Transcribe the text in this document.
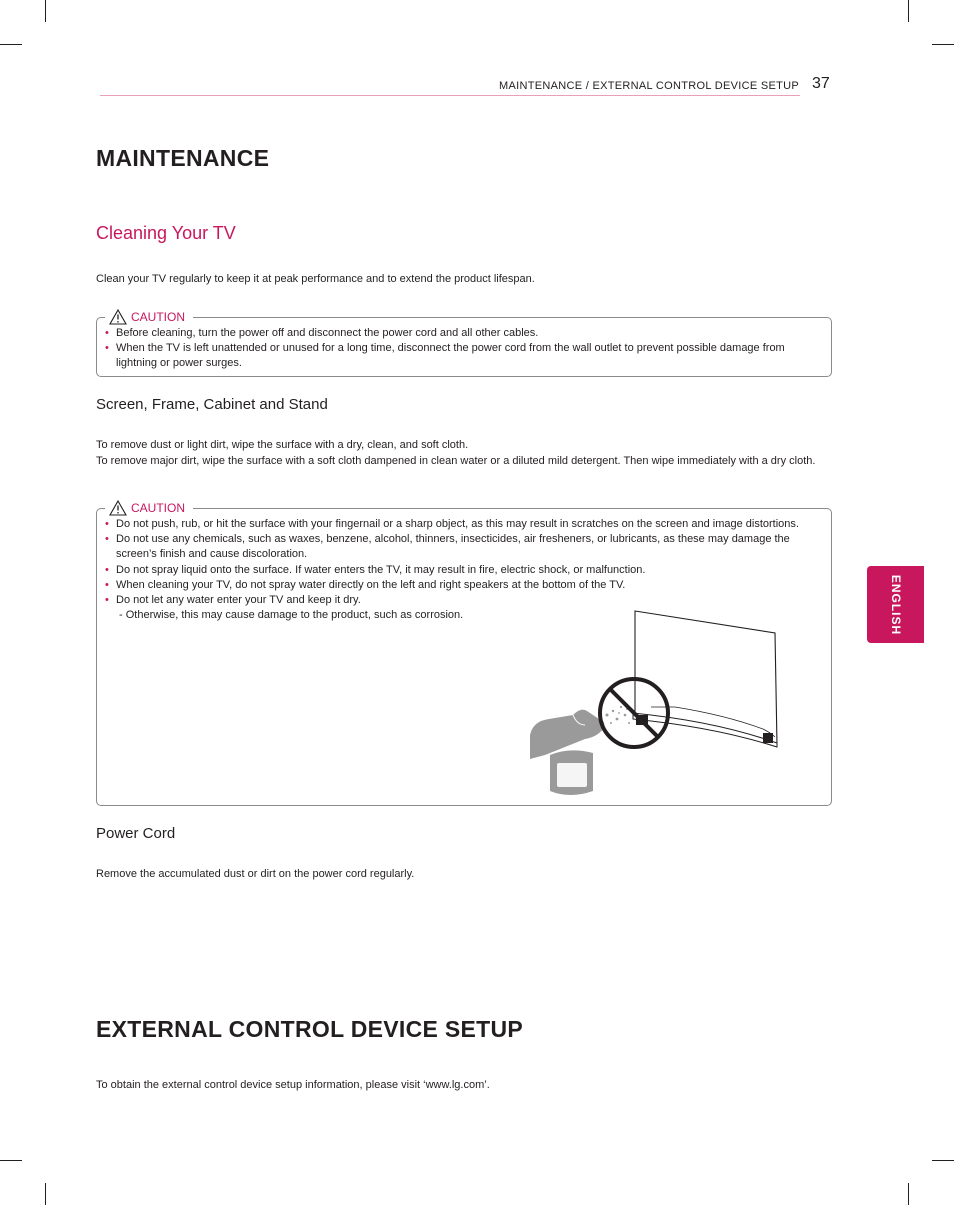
MAINTENANCE / EXTERNAL CONTROL DEVICE SETUP 37
MAINTENANCE
Cleaning Your TV
Clean your TV regularly to keep it at peak performance and to extend the product lifespan.
CAUTION
• Before cleaning, turn the power off and disconnect the power cord and all other cables.
• When the TV is left unattended or unused for a long time, disconnect the power cord from the wall outlet to prevent possible damage from lightning or power surges.
Screen, Frame, Cabinet and Stand
To remove dust or light dirt, wipe the surface with a dry, clean, and soft cloth.
To remove major dirt, wipe the surface with a soft cloth dampened in clean water or a diluted mild detergent. Then wipe immediately with a dry cloth.
CAUTION
• Do not push, rub, or hit the surface with your fingernail or a sharp object, as this may result in scratches on the screen and image distortions.
• Do not use any chemicals, such as waxes, benzene, alcohol, thinners, insecticides, air fresheners, or lubricants, as these may damage the screen’s finish and cause discoloration.
• Do not spray liquid onto the surface. If water enters the TV, it may result in fire, electric shock, or malfunction.
• When cleaning your TV, do not spray water directly on the left and right speakers at the bottom of the TV.
• Do not let any water enter your TV and keep it dry.
- Otherwise, this may cause damage to the product, such as corrosion.
Power Cord
Remove the accumulated dust or dirt on the power cord regularly.
EXTERNAL CONTROL DEVICE SETUP
To obtain the external control device setup information, please visit ‘www.lg.com’.
ENGLISH
